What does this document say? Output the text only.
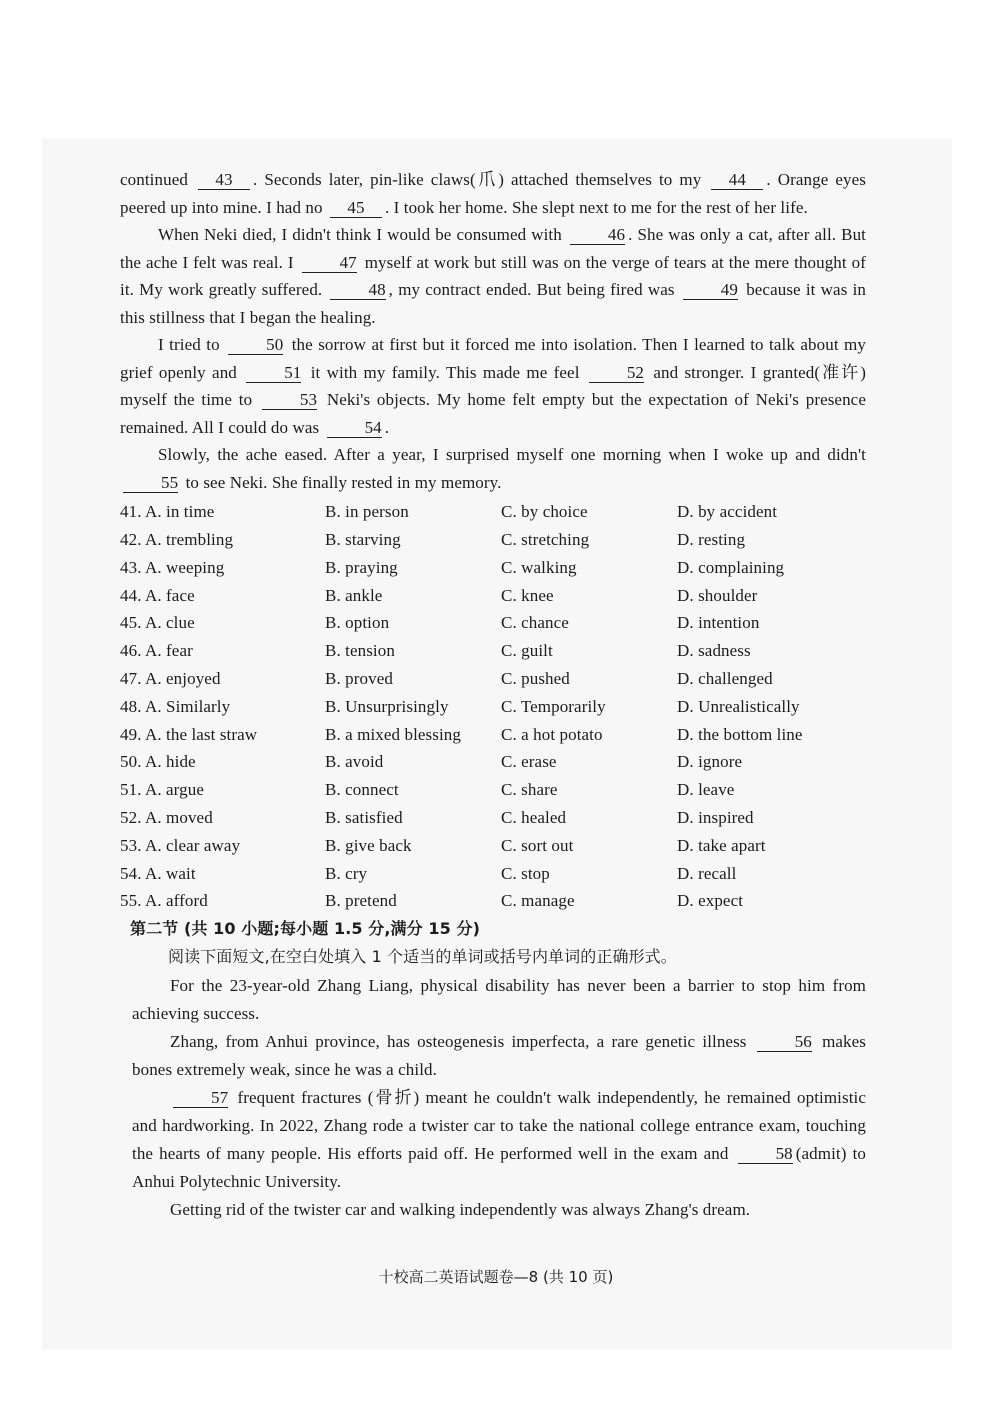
continued 43 . Seconds later, pin-like claws(爪) attached themselves to my 44 . Orange eyes peered up into mine. I had no 45 . I took her home. She slept next to me for the rest of her life.

When Neki died, I didn't think I would be consumed with	46 . She was only a cat, after all. But the ache I felt was real. I	47 myself at work but still was on the verge of tears at the mere thought of it. My work greatly suffered.	48 , my contract ended. But being fired was	49 because it was in this stillness that I began the healing.

I tried to	50 the sorrow at first but it forced me into isolation. Then I learned to talk about my grief openly and	51 it with my family. This made me feel	52 and stronger. I granted(准许) myself the time to	53 Neki's objects. My home felt empty but the expectation of Neki's presence remained. All I could do was	54 .

Slowly, the ache eased. After a year, I surprised myself one morning when I woke up and didn't 55 to see Neki. She finally rested in my memory.

41. A. in time	B. in person	C. by choice	D. by accident
42. A. trembling	B. starving	C. stretching	D. resting
43. A. weeping	B. praying	C. walking	D. complaining
44. A. face	B. ankle	C. knee	D. shoulder
45. A. clue	B. option	C. chance	D. intention
46. A. fear	B. tension	C. guilt	D. sadness
47. A. enjoyed	B. proved	C. pushed	D. challenged
48. A. Similarly	B. Unsurprisingly	C. Temporarily	D. Unrealistically
49. A. the last straw	B. a mixed blessing	C. a hot potato	D. the bottom line
50. A. hide	B. avoid	C. erase	D. ignore
51. A. argue	B. connect	C. share	D. leave
52. A. moved	B. satisfied	C. healed	D. inspired
53. A. clear away	B. give back	C. sort out	D. take apart
54. A. wait	B. cry	C. stop	D. recall
55. A. afford	B. pretend	C. manage	D. expect
第二节 (共 10 小题;每小题 1.5 分,满分 15 分)
阅读下面短文,在空白处填入 1 个适当的单词或括号内单词的正确形式。

For the 23-year-old Zhang Liang, physical disability has never been a barrier to stop him from achieving success.

Zhang, from Anhui province, has osteogenesis imperfecta, a rare genetic illness	56 makes bones extremely weak, since he was a child.

57 frequent fractures (骨折) meant he couldn't walk independently, he remained optimistic and hardworking. In 2022, Zhang rode a twister car to take the national college entrance exam, touching the hearts of many people. His efforts paid off. He performed well in the exam and	58 (admit) to Anhui Polytechnic University.

Getting rid of the twister car and walking independently was always Zhang's dream.

十校高二英语试题卷—8 (共 10 页)
